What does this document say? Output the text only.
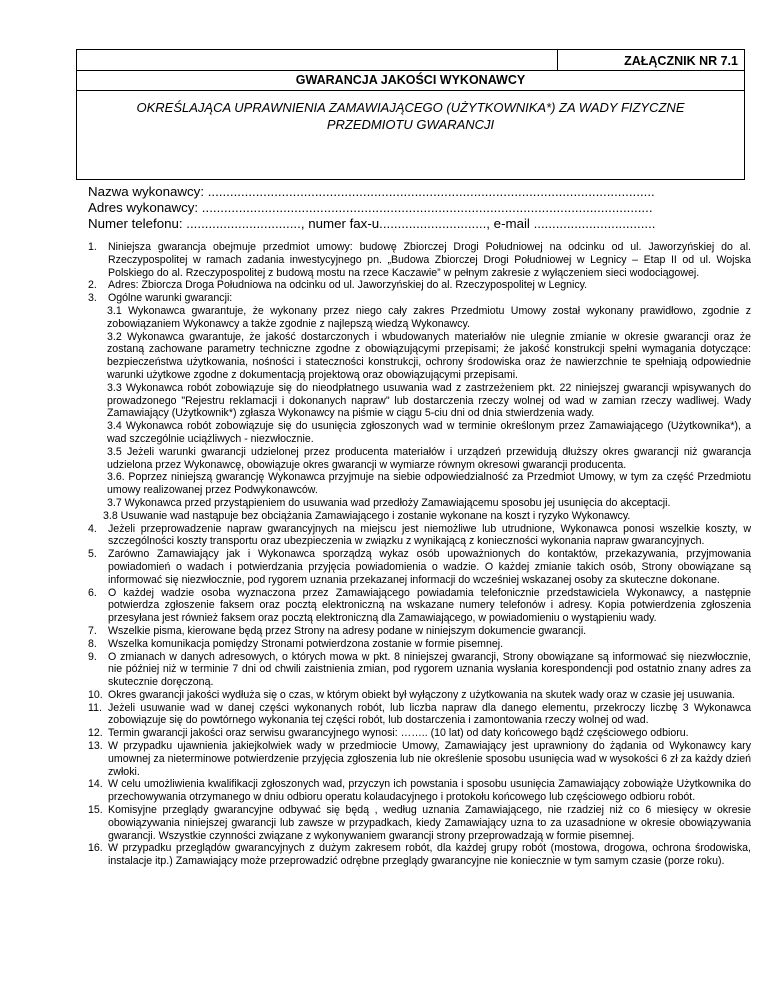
ZAŁĄCZNIK NR 7.1
GWARANCJA JAKOŚCI WYKONAWCY
OKREŚLAJĄCA UPRAWNIENIA ZAMAWIAJĄCEGO (UŻYTKOWNIKA*) ZA WADY FIZYCZNE
PRZEDMIOTU GWARANCJI
Nazwa wykonawcy: .........................................................................................................................
Adres wykonawcy: ..........................................................................................................................
Numer telefonu: ..............................., numer fax-u............................., e-mail .................................
1.	Niniejsza gwarancja obejmuje przedmiot umowy: budowę Zbiorczej Drogi Południowej na odcinku od ul. Jaworzyńskiej do al. Rzeczypospolitej w ramach zadania inwestycyjnego pn. „Budowa Zbiorczej Drogi Południowej w Legnicy – Etap II od ul. Wojska Polskiego do al. Rzeczypospolitej z budową mostu na rzece Kaczawie” w pełnym zakresie z wyłączeniem sieci wodociągowej.
2.	Adres: Zbiorcza Droga Południowa na odcinku od ul. Jaworzyńskiej do al. Rzeczypospolitej w Legnicy.
3.	Ogólne warunki gwarancji:
3.1 Wykonawca gwarantuje, że wykonany przez niego cały zakres Przedmiotu Umowy został wykonany prawidłowo, zgodnie z zobowiązaniem Wykonawcy a także zgodnie z najlepszą wiedzą Wykonawcy.
3.2 Wykonawca gwarantuje, że jakość dostarczonych i wbudowanych materiałów nie ulegnie zmianie w okresie gwarancji oraz że zostaną zachowane parametry techniczne zgodne z obowiązującymi przepisami; że jakość konstrukcji spełni wymagania dotyczące: bezpieczeństwa użytkowania, nośności i stateczności konstrukcji, ochrony środowiska oraz że nawierzchnie te spełniają odpowiednie warunki użytkowe zgodne z dokumentacją projektową oraz obowiązującymi przepisami.
3.3 Wykonawca robót zobowiązuje się do nieodpłatnego usuwania wad z zastrzeżeniem pkt. 22 niniejszej gwarancji wpisywanych do prowadzonego "Rejestru reklamacji i dokonanych napraw" lub dostarczenia rzeczy wolnej od wad w zamian rzeczy wadliwej. Wady Zamawiający (Użytkownik*) zgłasza Wykonawcy na piśmie w ciągu 5-ciu dni od dnia stwierdzenia wady.
3.4 Wykonawca robót zobowiązuje się do usunięcia zgłoszonych wad w terminie określonym przez Zamawiającego (Użytkownika*), a wad szczególnie uciążliwych - niezwłocznie.
3.5 Jeżeli warunki gwarancji udzielonej przez producenta materiałów i urządzeń przewidują dłuższy okres gwarancji niż gwarancja udzielona przez Wykonawcę, obowiązuje okres gwarancji w wymiarze równym okresowi gwarancji producenta.
3.6. Poprzez niniejszą gwarancję Wykonawca przyjmuje na siebie odpowiedzialność za Przedmiot Umowy, w tym za część Przedmiotu umowy realizowanej przez Podwykonawców.
3.7 Wykonawca przed przystąpieniem do usuwania wad przedłoży Zamawiającemu sposobu jej usunięcia do akceptacji.
3.8 Usuwanie wad nastąpuje bez obciążania Zamawiającego i zostanie wykonane na koszt i ryzyko Wykonawcy.
4.	Jeżeli przeprowadzenie napraw gwarancyjnych na miejscu jest niemożliwe lub utrudnione, Wykonawca ponosi wszelkie koszty, w szczególności koszty transportu oraz ubezpieczenia w związku z wynikającą z konieczności wykonania napraw gwarancyjnych.
5.	Zarówno Zamawiający jak i Wykonawca sporządzą wykaz osób upoważnionych do kontaktów, przekazywania, przyjmowania powiadomień o wadach i potwierdzania przyjęcia powiadomienia o wadzie. O każdej zmianie takich osób, Strony obowiązane są informować się niezwłocznie, pod rygorem uznania przekazanej informacji do wcześniej wskazanej osoby za skuteczne dokonane.
6.	O każdej wadzie osoba wyznaczona przez Zamawiającego powiadamia telefonicznie przedstawiciela Wykonawcy, a następnie potwierdza zgłoszenie faksem oraz pocztą elektroniczną na wskazane numery telefonów i adresy. Kopia potwierdzenia zgłoszenia przesyłana jest również faksem oraz pocztą elektroniczną dla Zamawiającego, w powiadomieniu o wystąpieniu wady.
7.	Wszelkie pisma, kierowane będą przez Strony na adresy podane w niniejszym dokumencie gwarancji.
8.	Wszelka komunikacja pomiędzy Stronami potwierdzona zostanie w formie pisemnej.
9.	O zmianach w danych adresowych, o których mowa w pkt. 8 niniejszej gwarancji, Strony obowiązane są informować się niezwłocznie, nie później niż w terminie 7 dni od chwili zaistnienia zmian, pod rygorem uznania wysłania korespondencji pod ostatnio znany adres za skutecznie doręczoną.
10. Okres gwarancji jakości wydłuża się o czas, w którym obiekt był wyłączony z użytkowania na skutek wady oraz w czasie jej usuwania.
11. Jeżeli usuwanie wad w danej części wykonanych robót, lub liczba napraw dla danego elementu, przekroczy liczbę 3 Wykonawca zobowiązuje się do powtórnego wykonania tej części robót, lub dostarczenia i zamontowania rzeczy wolnej od wad.
12. Termin gwarancji jakości oraz serwisu gwarancyjnego wynosi: …….. (10 lat) od daty końcowego bądź częściowego odbioru.
13. W przypadku ujawnienia jakiejkolwiek wady w przedmiocie Umowy, Zamawiający jest uprawniony do żądania od Wykonawcy kary umownej za nieterminowe potwierdzenie przyjęcia zgłoszenia lub nie określenie sposobu usunięcia wad w wysokości 6 zł za każdy dzień zwłoki.
14. W celu umożliwienia kwalifikacji zgłoszonych wad, przyczyn ich powstania i sposobu usunięcia Zamawiający zobowiąże Użytkownika do przechowywania otrzymanego w dniu odbioru operatu kolaudacyjnego i protokołu końcowego lub częściowego odbioru robót.
15. Komisyjne przeglądy gwarancyjne odbywać się będą , według uznania Zamawiającego, nie rzadziej niż co 6 miesięcy w okresie obowiązywania niniejszej gwarancji lub zawsze w przypadkach, kiedy Zamawiający uzna to za uzasadnione w okresie obowiązywania gwarancji. Wszystkie czynności związane z wykonywaniem gwarancji strony przeprowadzają w formie pisemnej.
16. W przypadku przeglądów gwarancyjnych z dużym zakresem robót, dla każdej grupy robót (mostowa, drogowa, ochrona środowiska, instalacje itp.) Zamawiający może przeprowadzić odrębne przeglądy gwarancyjne nie koniecznie w tym samym czasie (porze roku).
